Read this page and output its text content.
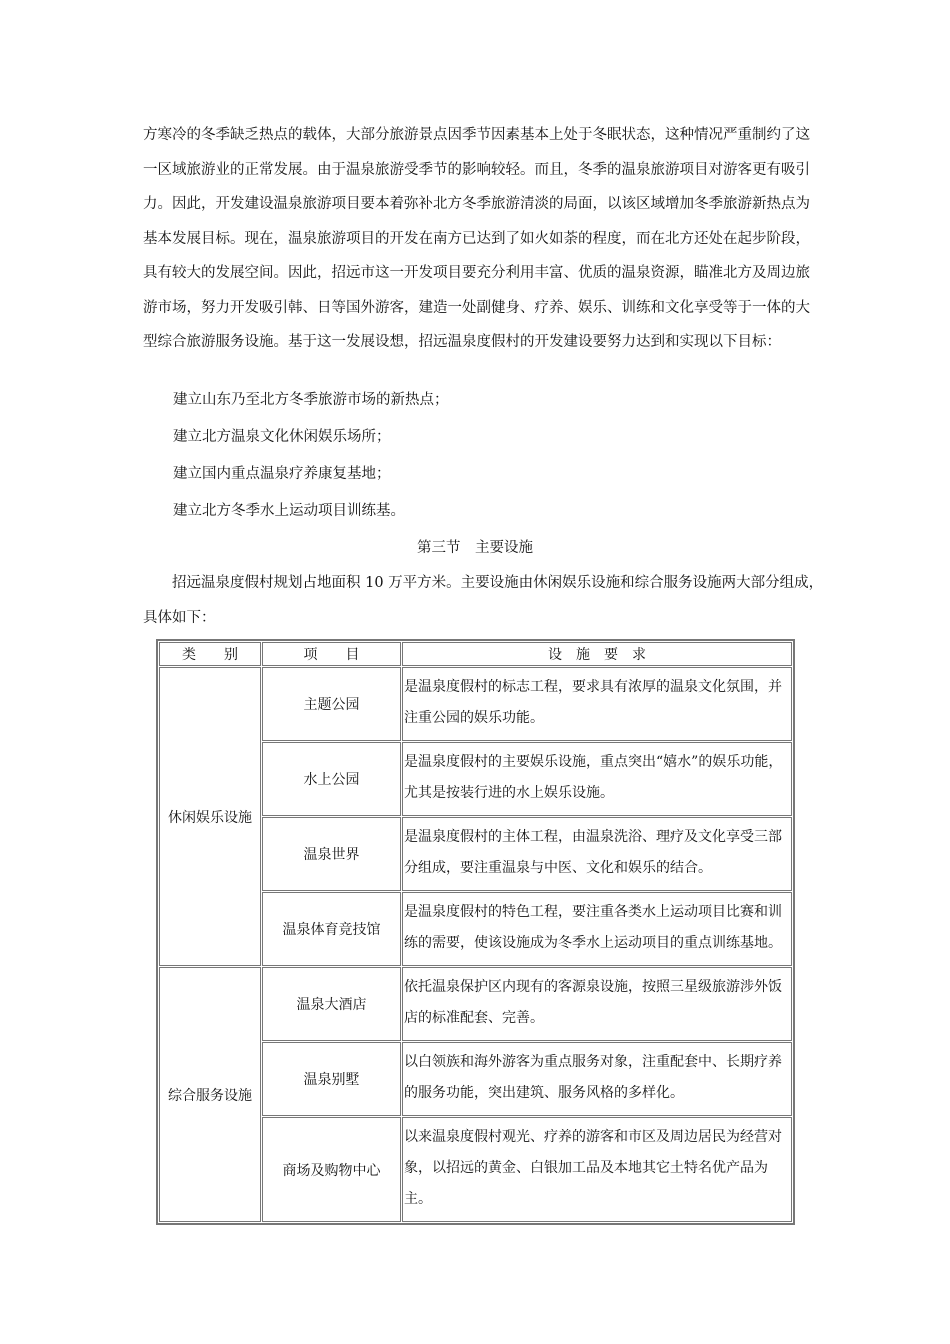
方寒冷的冬季缺乏热点的载体，大部分旅游景点因季节因素基本上处于冬眠状态，这种情况严重制约了这
一区域旅游业的正常发展。由于温泉旅游受季节的影响较轻。而且，冬季的温泉旅游项目对游客更有吸引
力。因此，开发建设温泉旅游项目要本着弥补北方冬季旅游清淡的局面，以该区域增加冬季旅游新热点为
基本发展目标。现在，温泉旅游项目的开发在南方已达到了如火如荼的程度，而在北方还处在起步阶段，
具有较大的发展空间。因此，招远市这一开发项目要充分利用丰富、优质的温泉资源，瞄准北方及周边旅
游市场，努力开发吸引韩、日等国外游客，建造一处副健身、疗养、娱乐、训练和文化享受等于一体的大
型综合旅游服务设施。基于这一发展设想，招远温泉度假村的开发建设要努力达到和实现以下目标：
建立山东乃至北方冬季旅游市场的新热点；
建立北方温泉文化休闲娱乐场所；
建立国内重点温泉疗养康复基地；
建立北方冬季水上运动项目训练基。
第三节　主要设施
招远温泉度假村规划占地面积 10 万平方米。主要设施由休闲娱乐设施和综合服务设施两大部分组成，
具体如下：
类　　别	项　　目	设　施　要　求
休闲娱乐设施	主题公园	是温泉度假村的标志工程，要求具有浓厚的温泉文化氛围，并
注重公园的娱乐功能。

	水上公园	是温泉度假村的主要娱乐设施，重点突出“嬉水”的娱乐功能，
尤其是按装行进的水上娱乐设施。

	温泉世界	是温泉度假村的主体工程，由温泉洗浴、理疗及文化享受三部
分组成，要注重温泉与中医、文化和娱乐的结合。

	温泉体育竞技馆	是温泉度假村的特色工程，要注重各类水上运动项目比赛和训
练的需要，使该设施成为冬季水上运动项目的重点训练基地。

综合服务设施	温泉大酒店	依托温泉保护区内现有的客源泉设施，按照三星级旅游涉外饭
店的标准配套、完善。

	温泉别墅	以白领族和海外游客为重点服务对象，注重配套中、长期疗养
的服务功能，突出建筑、服务风格的多样化。

	商场及购物中心	以来温泉度假村观光、疗养的游客和市区及周边居民为经营对
象，以招远的黄金、白银加工品及本地其它土特名优产品为主。
